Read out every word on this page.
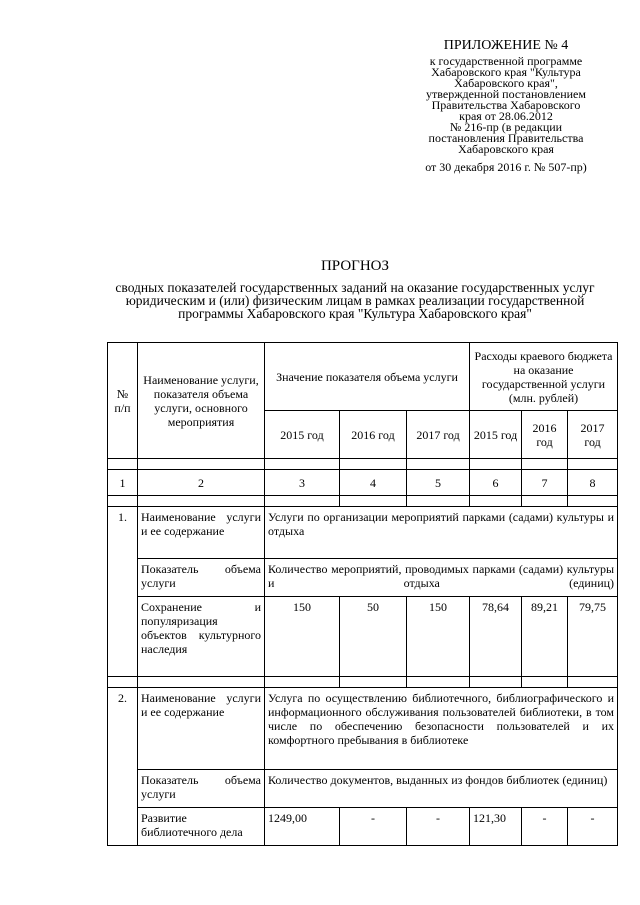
ПРИЛОЖЕНИЕ № 4
к государственной программе
Хабаровского края "Культура
Хабаровского края",
утвержденной постановлением
Правительства Хабаровского
края от 28.06.2012
№ 216-пр (в редакции
постановления Правительства
Хабаровского края
от 30 декабря 2016 г. № 507-пр)
ПРОГНОЗ
сводных показателей государственных заданий на оказание государственных услуг юридическим и (или) физическим лицам в рамках реализации государственной программы Хабаровского края "Культура Хабаровского края"
№ п/п	Наименование услуги, показателя объема услуги, основного мероприятия	Значение показателя объема услуги			Расходы краевого бюджета на оказание государственной услуги (млн. рублей)		
		2015 год	2016 год	2017 год	2015 год	2016 год	2017 год

1	2	3	4	5	6	7	8

1.	Наименование услуги и ее содержание	Услуги по организации мероприятий парками (садами) культуры и отдыха					
	Показатель объема услуги	Количество мероприятий, проводимых парками (садами) культуры и отдыха (единиц)					
	Сохранение и популяризация объектов культурного наследия	150	50	150	78,64	89,21	79,75

2.	Наименование услуги и ее содержание	Услуга по осуществлению библиотечного, библиографического и информационного обслуживания пользователей библиотеки, в том числе по обеспечению безопасности пользователей и их комфортного пребывания в библиотеке					
	Показатель объема услуги	Количество документов, выданных из фондов библиотек (единиц)					
	Развитие библиотечного дела	1249,00	-	-	121,30	-	-
